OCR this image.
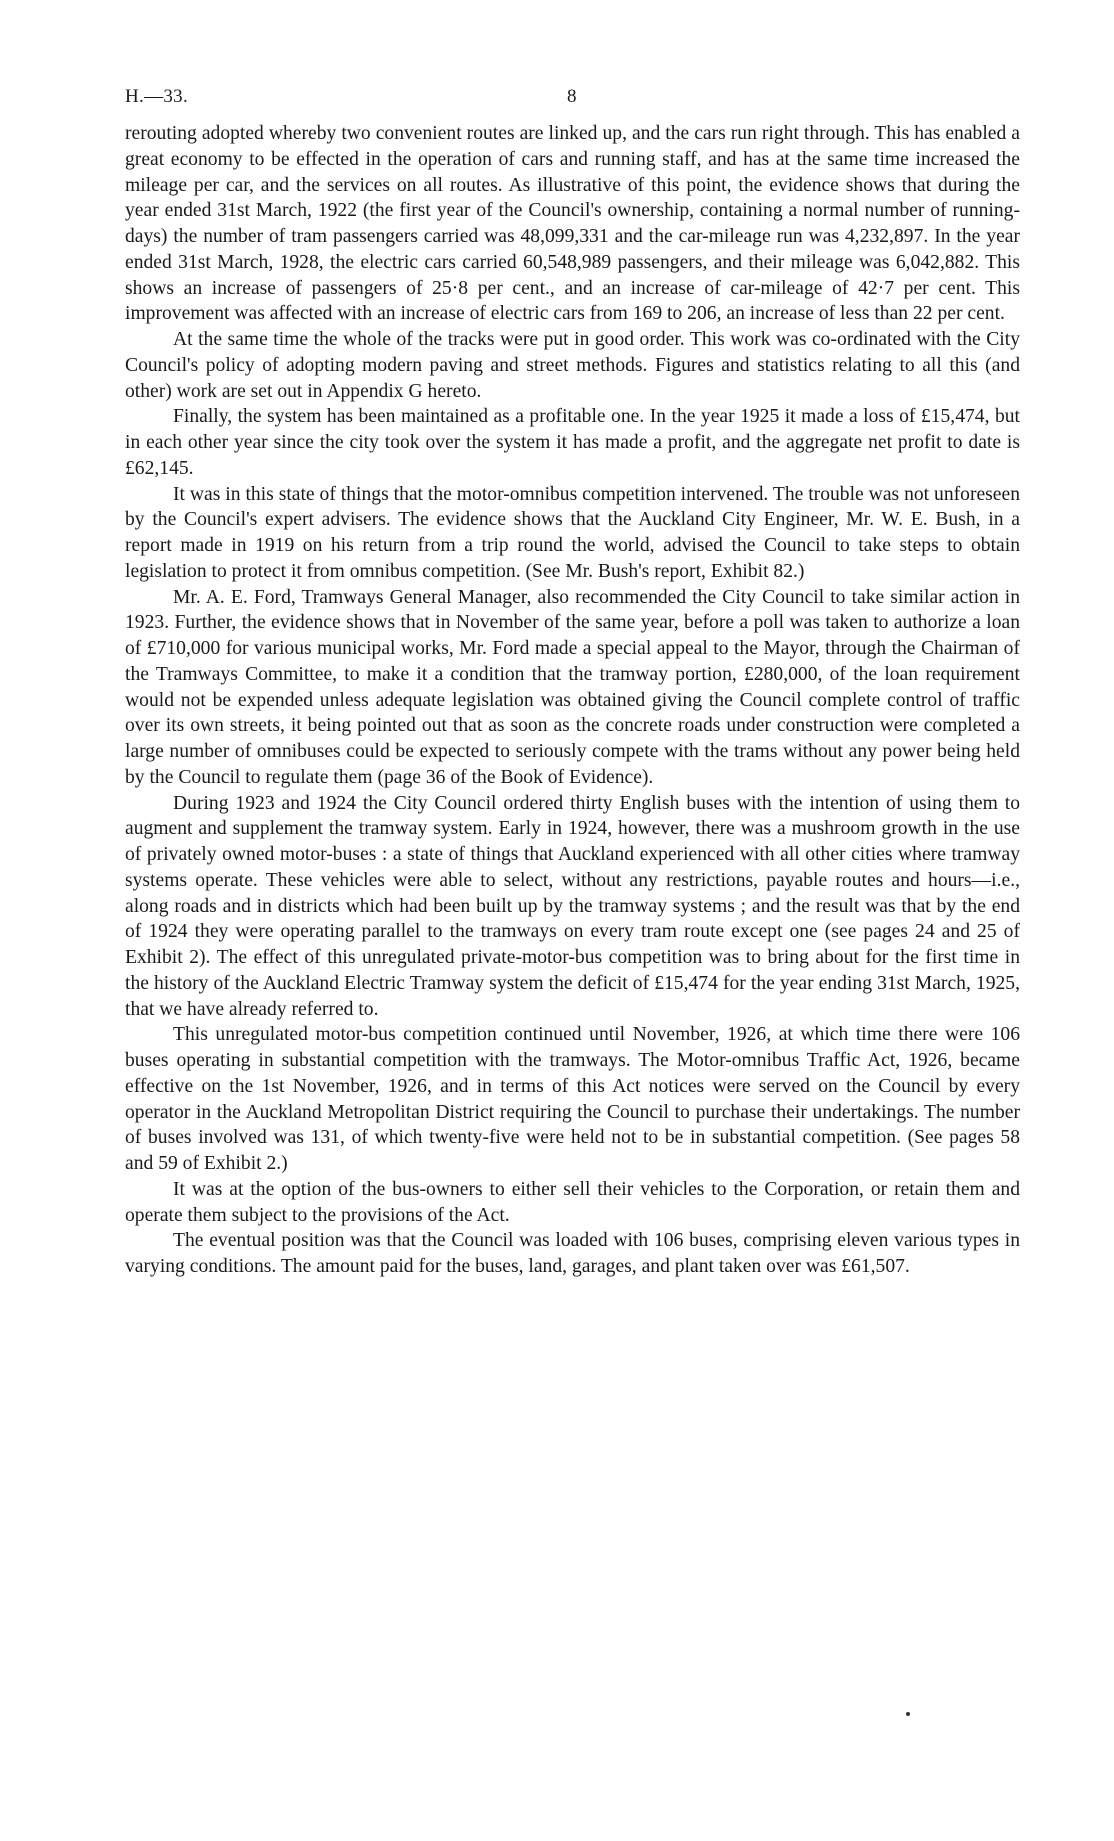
H.—33.	8

rerouting adopted whereby two convenient routes are linked up, and the cars run right through. This has enabled a great economy to be effected in the operation of cars and running staff, and has at the same time increased the mileage per car, and the services on all routes. As illustrative of this point, the evidence shows that during the year ended 31st March, 1922 (the first year of the Council's ownership, containing a normal number of running-days) the number of tram passengers carried was 48,099,331 and the car-mileage run was 4,232,897. In the year ended 31st March, 1928, the electric cars carried 60,548,989 passengers, and their mileage was 6,042,882. This shows an increase of passengers of 25·8 per cent., and an increase of car-mileage of 42·7 per cent. This improvement was affected with an increase of electric cars from 169 to 206, an increase of less than 22 per cent.

At the same time the whole of the tracks were put in good order. This work was co-ordinated with the City Council's policy of adopting modern paving and street methods. Figures and statistics relating to all this (and other) work are set out in Appendix G hereto.

Finally, the system has been maintained as a profitable one. In the year 1925 it made a loss of £15,474, but in each other year since the city took over the system it has made a profit, and the aggregate net profit to date is £62,145.

It was in this state of things that the motor-omnibus competition intervened. The trouble was not unforeseen by the Council's expert advisers. The evidence shows that the Auckland City Engineer, Mr. W. E. Bush, in a report made in 1919 on his return from a trip round the world, advised the Council to take steps to obtain legislation to protect it from omnibus competition. (See Mr. Bush's report, Exhibit 82.)

Mr. A. E. Ford, Tramways General Manager, also recommended the City Council to take similar action in 1923. Further, the evidence shows that in November of the same year, before a poll was taken to authorize a loan of £710,000 for various municipal works, Mr. Ford made a special appeal to the Mayor, through the Chairman of the Tramways Committee, to make it a condition that the tramway portion, £280,000, of the loan requirement would not be expended unless adequate legislation was obtained giving the Council complete control of traffic over its own streets, it being pointed out that as soon as the concrete roads under construction were completed a large number of omnibuses could be expected to seriously compete with the trams without any power being held by the Council to regulate them (page 36 of the Book of Evidence).

During 1923 and 1924 the City Council ordered thirty English buses with the intention of using them to augment and supplement the tramway system. Early in 1924, however, there was a mushroom growth in the use of privately owned motor-buses : a state of things that Auckland experienced with all other cities where tramway systems operate. These vehicles were able to select, without any restrictions, payable routes and hours—i.e., along roads and in districts which had been built up by the tramway systems ; and the result was that by the end of 1924 they were operating parallel to the tramways on every tram route except one (see pages 24 and 25 of Exhibit 2). The effect of this unregulated private-motor-bus competition was to bring about for the first time in the history of the Auckland Electric Tramway system the deficit of £15,474 for the year ending 31st March, 1925, that we have already referred to.

This unregulated motor-bus competition continued until November, 1926, at which time there were 106 buses operating in substantial competition with the tramways. The Motor-omnibus Traffic Act, 1926, became effective on the 1st November, 1926, and in terms of this Act notices were served on the Council by every operator in the Auckland Metropolitan District requiring the Council to purchase their undertakings. The number of buses involved was 131, of which twenty-five were held not to be in substantial competition. (See pages 58 and 59 of Exhibit 2.)

It was at the option of the bus-owners to either sell their vehicles to the Corporation, or retain them and operate them subject to the provisions of the Act.

The eventual position was that the Council was loaded with 106 buses, comprising eleven various types in varying conditions. The amount paid for the buses, land, garages, and plant taken over was £61,507.
